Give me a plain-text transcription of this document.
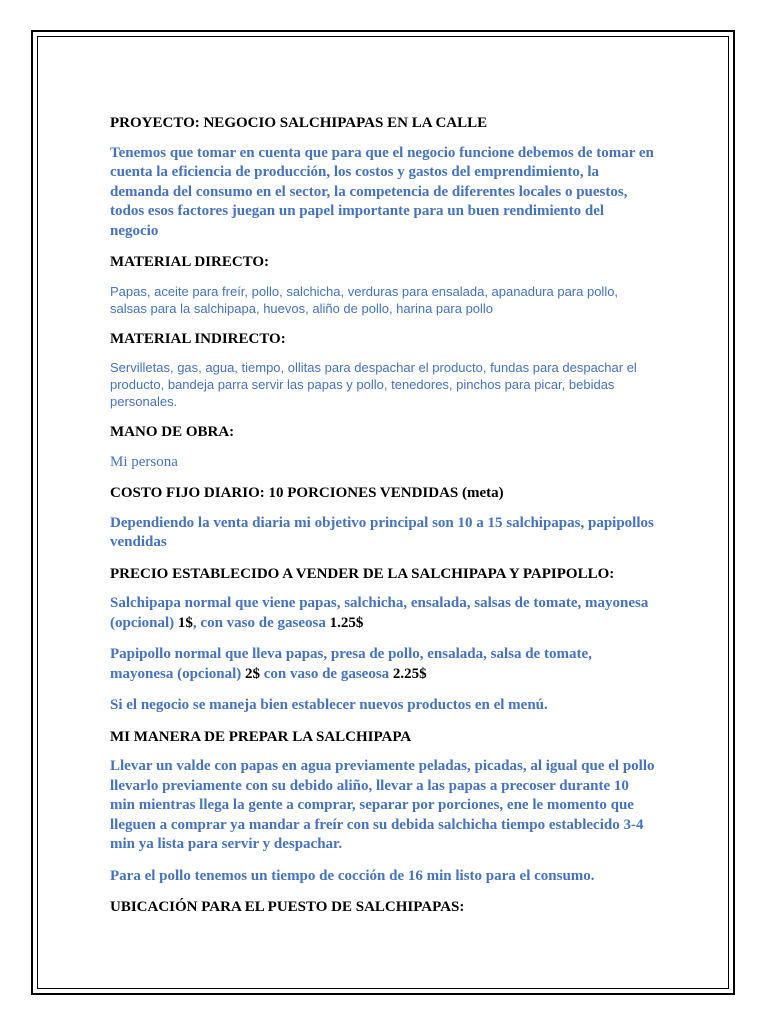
PROYECTO: NEGOCIO SALCHIPAPAS EN LA CALLE

Tenemos que tomar en cuenta que para que el negocio funcione debemos de tomar en cuenta la eficiencia de producción, los costos y gastos del emprendimiento, la demanda del consumo en el sector, la competencia de diferentes locales o puestos, todos esos factores juegan un papel importante para un buen rendimiento del negocio

MATERIAL DIRECTO:

Papas, aceite para freír, pollo, salchicha, verduras para ensalada, apanadura para pollo, salsas para la salchipapa, huevos, aliño de pollo, harina para pollo

MATERIAL INDIRECTO:

Servilletas, gas, agua, tiempo, ollitas para despachar el producto, fundas para despachar el producto, bandeja parra servir las papas y pollo, tenedores, pinchos para picar, bebidas personales.

MANO DE OBRA:

Mi persona

COSTO FIJO DIARIO: 10 PORCIONES VENDIDAS (meta)

Dependiendo la venta diaria mi objetivo principal son 10 a 15 salchipapas, papipollos vendidas

PRECIO ESTABLECIDO A VENDER DE LA SALCHIPAPA Y PAPIPOLLO:

Salchipapa normal que viene papas, salchicha, ensalada, salsas de tomate, mayonesa (opcional) 1$, con vaso de gaseosa 1.25$

Papipollo normal que lleva papas, presa de pollo, ensalada, salsa de tomate, mayonesa (opcional) 2$ con vaso de gaseosa 2.25$

Si el negocio se maneja bien establecer nuevos productos en el menú.

MI MANERA DE PREPAR LA SALCHIPAPA

Llevar un valde con papas en agua previamente peladas, picadas, al igual que el pollo llevarlo previamente con su debido aliño, llevar a las papas a precoser durante 10 min mientras llega la gente a comprar, separar por porciones, ene le momento que lleguen a comprar ya mandar a freír con su debida salchicha tiempo establecido 3-4 min ya lista para servir y despachar.

Para el pollo tenemos un tiempo de cocción de 16 min listo para el consumo.

UBICACIÓN PARA EL PUESTO DE SALCHIPAPAS:
